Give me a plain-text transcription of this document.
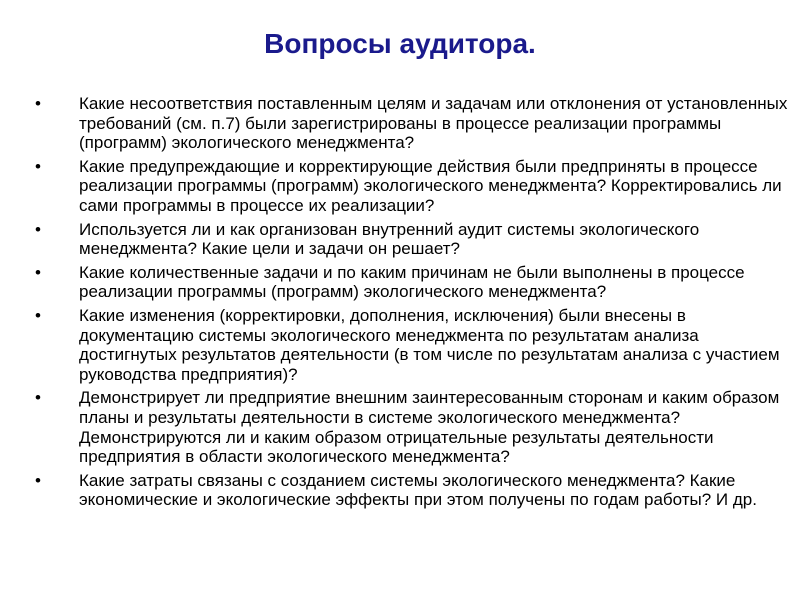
Вопросы аудитора.
• Какие несоответствия поставленным целям и задачам или отклонения от установленных требований (см. п.7) были зарегистрированы в процессе реализации программы (программ) экологического менеджмента?
• Какие предупреждающие и корректирующие действия были предприняты в процессе реализации программы (программ) экологического менеджмента? Корректировались ли сами программы в процессе их реализации?
• Используется ли и как организован внутренний аудит системы экологического менеджмента? Какие цели и задачи он решает?
• Какие количественные задачи и по каким причинам не были выполнены в процессе реализации программы (программ) экологического менеджмента?
• Какие изменения (корректировки, дополнения, исключения) были внесены в документацию системы экологического менеджмента по результатам анализа достигнутых результатов деятельности (в том числе по результатам анализа с участием руководства предприятия)?
• Демонстрирует ли предприятие внешним заинтересованным сторонам и каким образом планы и результаты деятельности в системе экологического менеджмента? Демонстрируются ли и каким образом отрицательные результаты деятельности предприятия в области экологического менеджмента?
• Какие затраты связаны с созданием системы экологического менеджмента? Какие экономические и экологические эффекты при этом получены по годам работы? И др.
